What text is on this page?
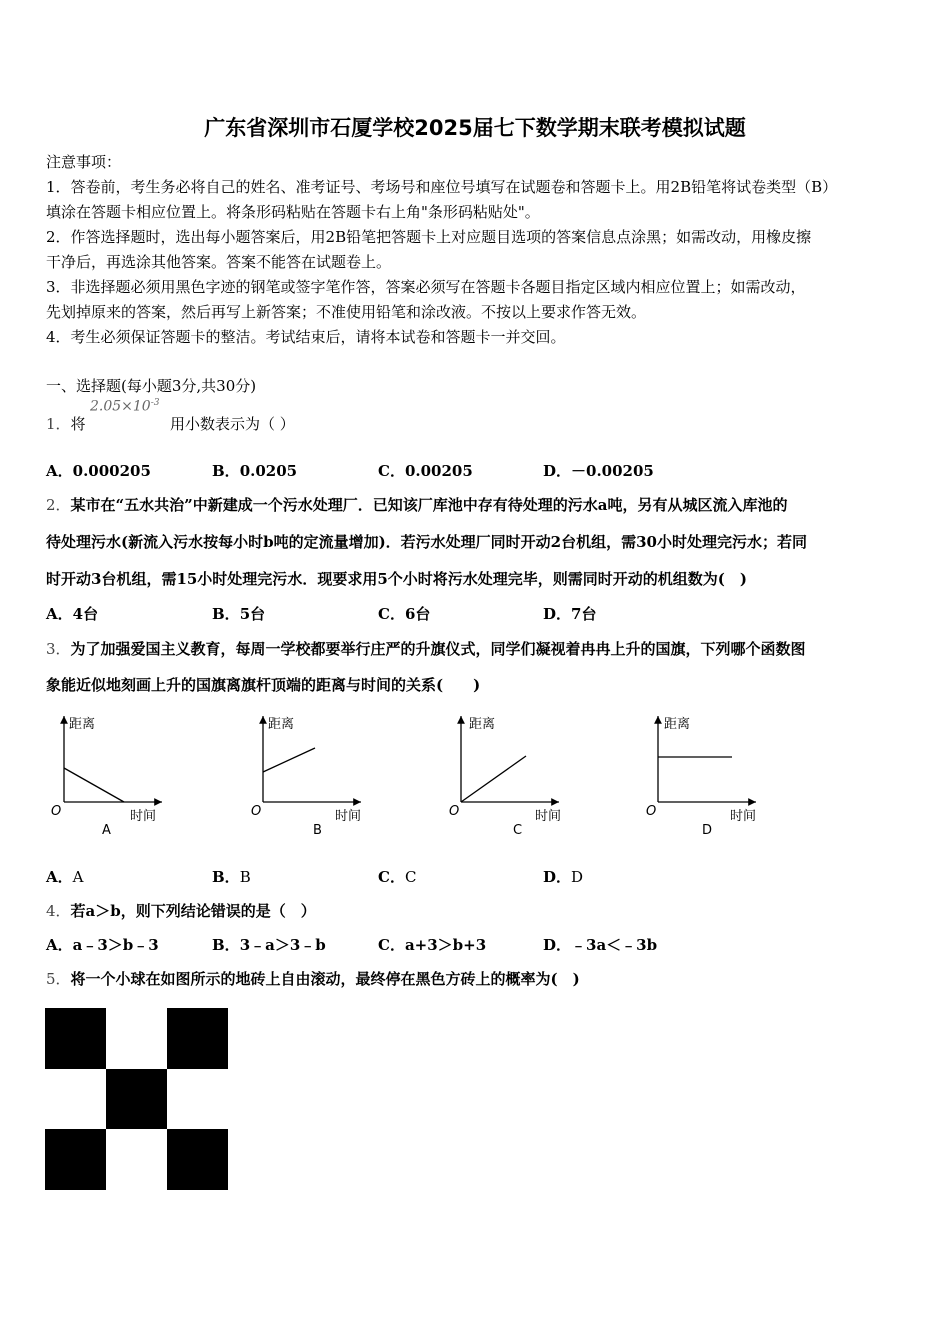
广东省深圳市石厦学校2025届七下数学期末联考模拟试题
注意事项：
1．答卷前，考生务必将自己的姓名、准考证号、考场号和座位号填写在试题卷和答题卡上。用2B铅笔将试卷类型（B）
填涂在答题卡相应位置上。将条形码粘贴在答题卡右上角"条形码粘贴处"。
2．作答选择题时，选出每小题答案后，用2B铅笔把答题卡上对应题目选项的答案信息点涂黑；如需改动，用橡皮擦
干净后，再选涂其他答案。答案不能答在试题卷上。
3．非选择题必须用黑色字迹的钢笔或签字笔作答，答案必须写在答题卡各题目指定区域内相应位置上；如需改动，
先划掉原来的答案，然后再写上新答案；不准使用铅笔和涂改液。不按以上要求作答无效。
4．考生必须保证答题卡的整洁。考试结束后，请将本试卷和答题卡一并交回。
一、选择题(每小题3分,共30分)
1．将
$2.05\times 10^{-3}$
用小数表示为（ ）
A．0.000205	B．0.0205	C．0.00205	D．－0.00205
2．某市在“五水共治”中新建成一个污水处理厂．已知该厂库池中存有待处理的污水a吨，另有从城区流入库池的
待处理污水(新流入污水按每小时b吨的定流量增加)．若污水处理厂同时开动2台机组，需30小时处理完污水；若同
时开动3台机组，需15小时处理完污水．现要求用5个小时将污水处理完毕，则需同时开动的机组数为(　)
A．4台	B．5台	C．6台	D．7台
3．为了加强爱国主义教育，每周一学校都要举行庄严的升旗仪式，同学们凝视着冉冉上升的国旗，下列哪个函数图
象能近似地刻画上升的国旗离旗杆顶端的距离与时间的关系(　　)
距离
时间
O
A
距离
时间
O
B
距离
时间
O
C
距离
时间
O
D
A．A	B．B	C．C	D．D
4．若a＞b，则下列结论错误的是（　）
A．a﹣3＞b﹣3	B．3﹣a＞3﹣b	C．a+3＞b+3	D．﹣3a＜﹣3b
5．将一个小球在如图所示的地砖上自由滚动，最终停在黑色方砖上的概率为(　)
